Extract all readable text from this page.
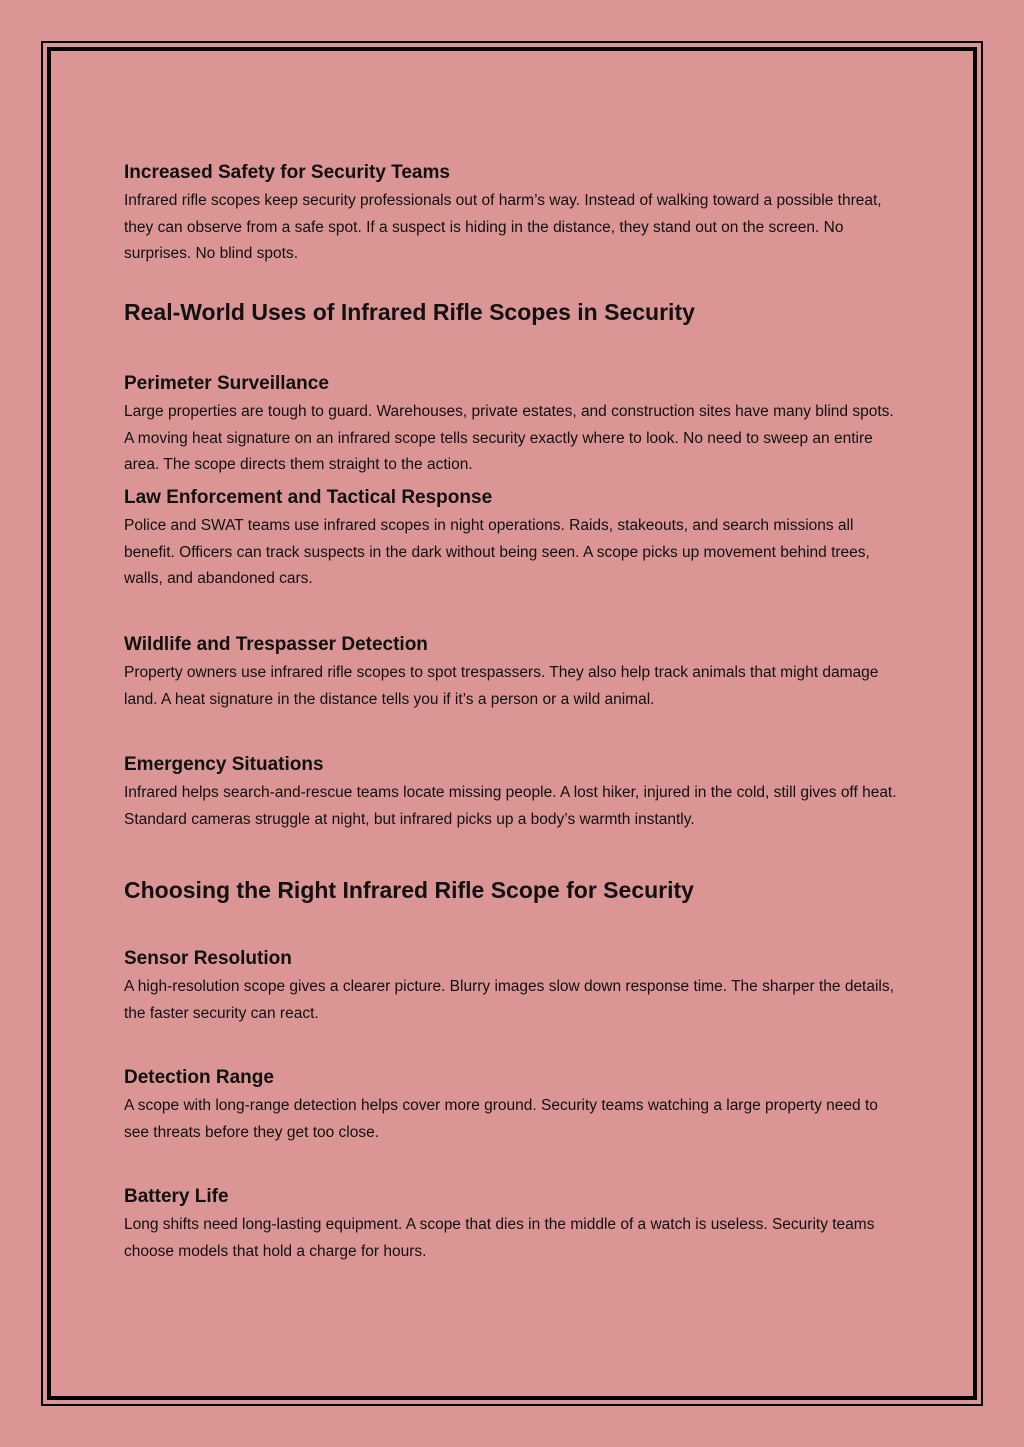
Increased Safety for Security Teams

Infrared rifle scopes keep security professionals out of harm’s way. Instead of walking toward a possible threat, they can observe from a safe spot. If a suspect is hiding in the distance, they stand out on the screen. No surprises. No blind spots.

Real-World Uses of Infrared Rifle Scopes in Security
Perimeter Surveillance

Large properties are tough to guard. Warehouses, private estates, and construction sites have many blind spots. A moving heat signature on an infrared scope tells security exactly where to look. No need to sweep an entire area. The scope directs them straight to the action.

Law Enforcement and Tactical Response

Police and SWAT teams use infrared scopes in night operations. Raids, stakeouts, and search missions all benefit. Officers can track suspects in the dark without being seen. A scope picks up movement behind trees, walls, and abandoned cars.

Wildlife and Trespasser Detection

Property owners use infrared rifle scopes to spot trespassers. They also help track animals that might damage land. A heat signature in the distance tells you if it’s a person or a wild animal.

Emergency Situations

Infrared helps search-and-rescue teams locate missing people. A lost hiker, injured in the cold, still gives off heat. Standard cameras struggle at night, but infrared picks up a body’s warmth instantly.

Choosing the Right Infrared Rifle Scope for Security
Sensor Resolution

A high-resolution scope gives a clearer picture. Blurry images slow down response time. The sharper the details, the faster security can react.

Detection Range

A scope with long-range detection helps cover more ground. Security teams watching a large property need to see threats before they get too close.

Battery Life

Long shifts need long-lasting equipment. A scope that dies in the middle of a watch is useless. Security teams choose models that hold a charge for hours.
